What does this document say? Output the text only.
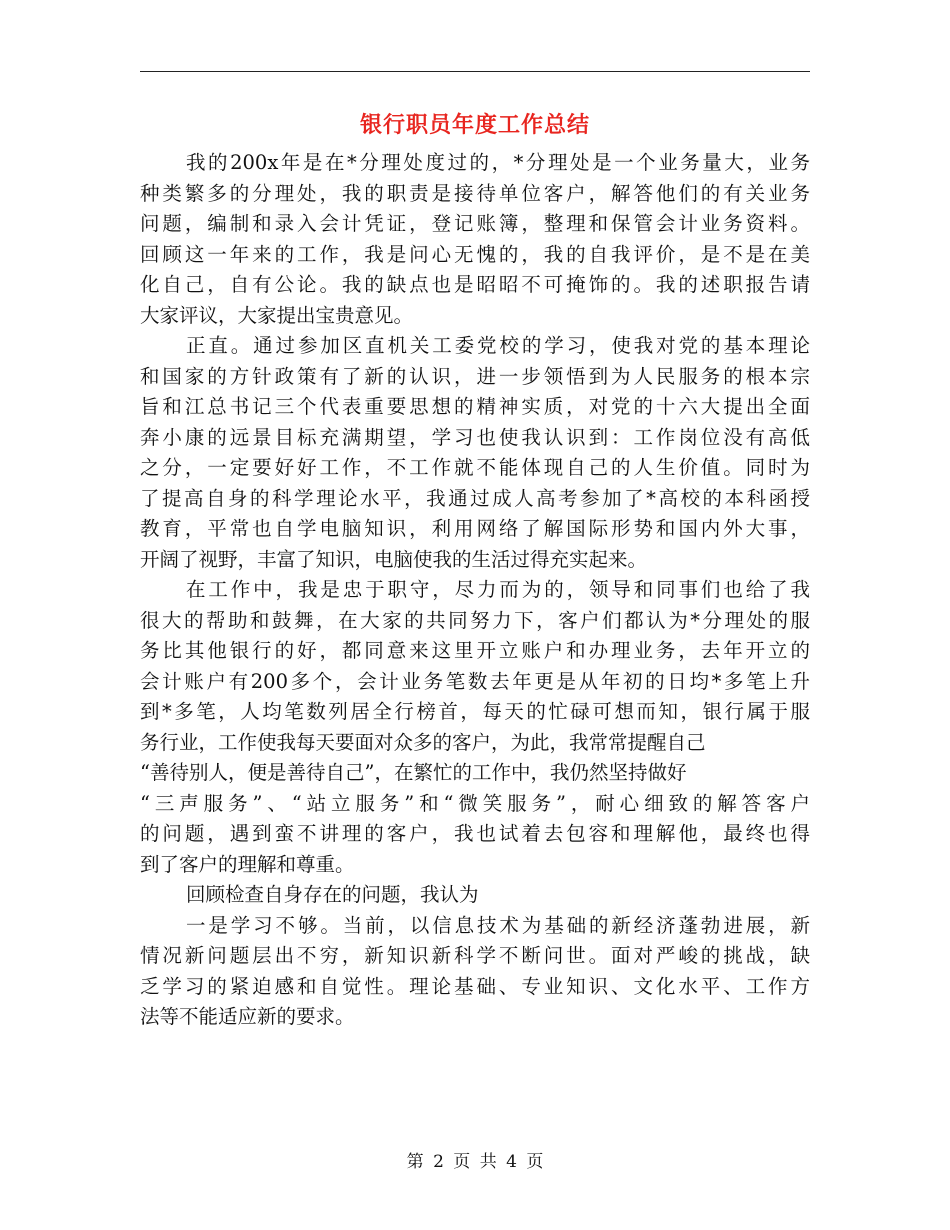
银行职员年度工作总结
我的200x年是在*分理处度过的，*分理处是一个业务量大，业务
种类繁多的分理处，我的职责是接待单位客户，解答他们的有关业务
问题，编制和录入会计凭证，登记账簿，整理和保管会计业务资料。
回顾这一年来的工作，我是问心无愧的，我的自我评价，是不是在美
化自己，自有公论。我的缺点也是昭昭不可掩饰的。我的述职报告请
大家评议，大家提出宝贵意见。
正直。通过参加区直机关工委党校的学习，使我对党的基本理论
和国家的方针政策有了新的认识，进一步领悟到为人民服务的根本宗
旨和江总书记三个代表重要思想的精神实质，对党的十六大提出全面
奔小康的远景目标充满期望，学习也使我认识到：工作岗位没有高低
之分，一定要好好工作，不工作就不能体现自己的人生价值。同时为
了提高自身的科学理论水平，我通过成人高考参加了*高校的本科函授
教育，平常也自学电脑知识，利用网络了解国际形势和国内外大事，
开阔了视野，丰富了知识，电脑使我的生活过得充实起来。
在工作中，我是忠于职守，尽力而为的，领导和同事们也给了我
很大的帮助和鼓舞，在大家的共同努力下，客户们都认为*分理处的服
务比其他银行的好，都同意来这里开立账户和办理业务，去年开立的
会计账户有200多个，会计业务笔数去年更是从年初的日均*多笔上升
到*多笔，人均笔数列居全行榜首，每天的忙碌可想而知，银行属于服
务行业，工作使我每天要面对众多的客户，为此，我常常提醒自己
“善待别人，便是善待自己”，在繁忙的工作中，我仍然坚持做好
“三声服务”、“站立服务”和“微笑服务”，耐心细致的解答客户
的问题，遇到蛮不讲理的客户，我也试着去包容和理解他，最终也得
到了客户的理解和尊重。
回顾检查自身存在的问题，我认为
一是学习不够。当前，以信息技术为基础的新经济蓬勃进展，新
情况新问题层出不穷，新知识新科学不断问世。面对严峻的挑战，缺
乏学习的紧迫感和自觉性。理论基础、专业知识、文化水平、工作方
法等不能适应新的要求。
第 2 页 共 4 页
